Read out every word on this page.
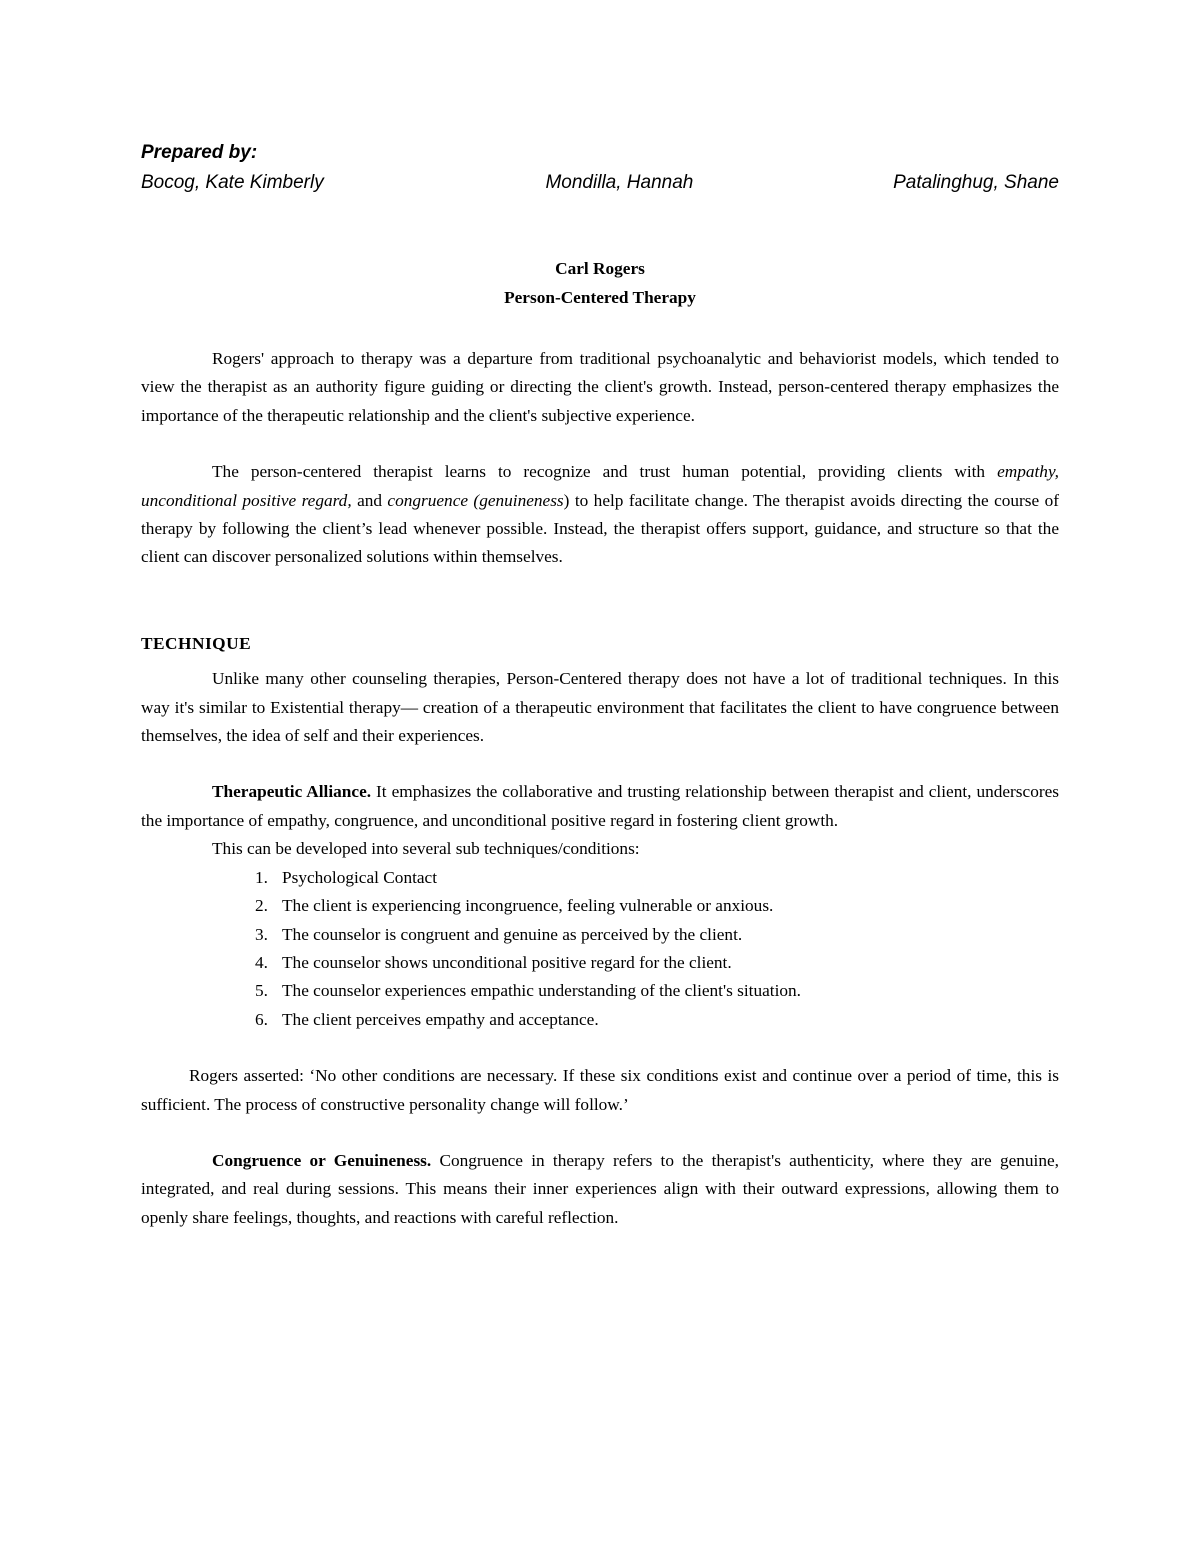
Prepared by:
Bocog, Kate Kimberly	Mondilla, Hannah	Patalinghug, Shane
Carl Rogers
Person-Centered Therapy

Rogers' approach to therapy was a departure from traditional psychoanalytic and behaviorist models, which tended to view the therapist as an authority figure guiding or directing the client's growth. Instead, person-centered therapy emphasizes the importance of the therapeutic relationship and the client's subjective experience.

The person-centered therapist learns to recognize and trust human potential, providing clients with empathy, unconditional positive regard, and congruence (genuineness) to help facilitate change. The therapist avoids directing the course of therapy by following the client’s lead whenever possible. Instead, the therapist offers support, guidance, and structure so that the client can discover personalized solutions within themselves.

TECHNIQUE

Unlike many other counseling therapies, Person-Centered therapy does not have a lot of traditional techniques. In this way it's similar to Existential therapy— creation of a therapeutic environment that facilitates the client to have congruence between themselves, the idea of self and their experiences.

Therapeutic Alliance. It emphasizes the collaborative and trusting relationship between therapist and client, underscores the importance of empathy, congruence, and unconditional positive regard in fostering client growth.

This can be developed into several sub techniques/conditions:

1. Psychological Contact
2. The client is experiencing incongruence, feeling vulnerable or anxious.
3. The counselor is congruent and genuine as perceived by the client.
4. The counselor shows unconditional positive regard for the client.
5. The counselor experiences empathic understanding of the client's situation.
6. The client perceives empathy and acceptance.

Rogers asserted: ‘No other conditions are necessary. If these six conditions exist and continue over a period of time, this is sufficient. The process of constructive personality change will follow.’

Congruence or Genuineness. Congruence in therapy refers to the therapist's authenticity, where they are genuine, integrated, and real during sessions. This means their inner experiences align with their outward expressions, allowing them to openly share feelings, thoughts, and reactions with careful reflection.
